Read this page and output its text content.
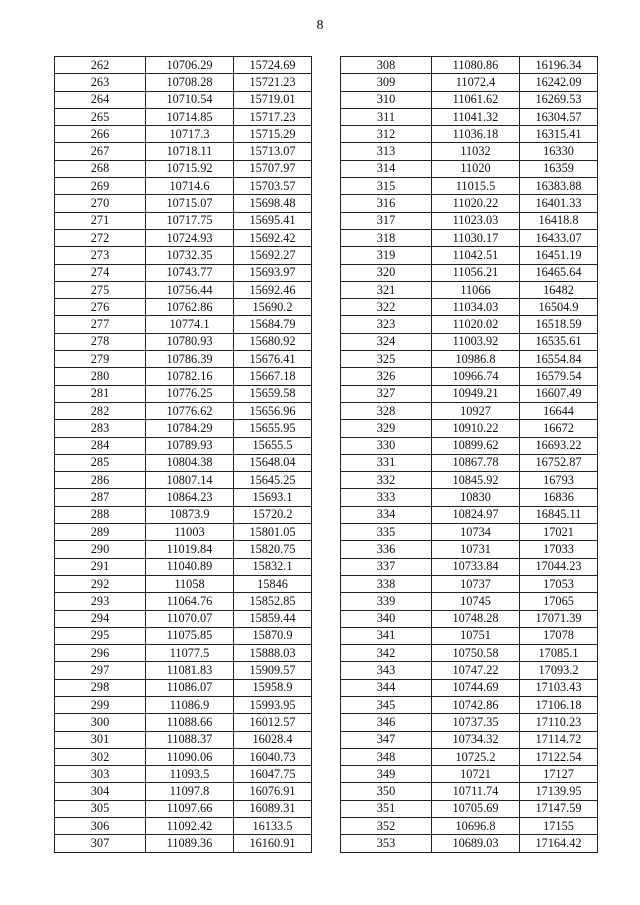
8
262	10706.29	15724.69
263	10708.28	15721.23
264	10710.54	15719.01
265	10714.85	15717.23
266	10717.3	15715.29
267	10718.11	15713.07
268	10715.92	15707.97
269	10714.6	15703.57
270	10715.07	15698.48
271	10717.75	15695.41
272	10724.93	15692.42
273	10732.35	15692.27
274	10743.77	15693.97
275	10756.44	15692.46
276	10762.86	15690.2
277	10774.1	15684.79
278	10780.93	15680.92
279	10786.39	15676.41
280	10782.16	15667.18
281	10776.25	15659.58
282	10776.62	15656.96
283	10784.29	15655.95
284	10789.93	15655.5
285	10804.38	15648.04
286	10807.14	15645.25
287	10864.23	15693.1
288	10873.9	15720.2
289	11003	15801.05
290	11019.84	15820.75
291	11040.89	15832.1
292	11058	15846
293	11064.76	15852.85
294	11070.07	15859.44
295	11075.85	15870.9
296	11077.5	15888.03
297	11081.83	15909.57
298	11086.07	15958.9
299	11086.9	15993.95
300	11088.66	16012.57
301	11088.37	16028.4
302	11090.06	16040.73
303	11093.5	16047.75
304	11097.8	16076.91
305	11097.66	16089.31
306	11092.42	16133.5
307	11089.36	16160.91
308	11080.86	16196.34
309	11072.4	16242.09
310	11061.62	16269.53
311	11041.32	16304.57
312	11036.18	16315.41
313	11032	16330
314	11020	16359
315	11015.5	16383.88
316	11020.22	16401.33
317	11023.03	16418.8
318	11030.17	16433.07
319	11042.51	16451.19
320	11056.21	16465.64
321	11066	16482
322	11034.03	16504.9
323	11020.02	16518.59
324	11003.92	16535.61
325	10986.8	16554.84
326	10966.74	16579.54
327	10949.21	16607.49
328	10927	16644
329	10910.22	16672
330	10899.62	16693.22
331	10867.78	16752.87
332	10845.92	16793
333	10830	16836
334	10824.97	16845.11
335	10734	17021
336	10731	17033
337	10733.84	17044.23
338	10737	17053
339	10745	17065
340	10748.28	17071.39
341	10751	17078
342	10750.58	17085.1
343	10747.22	17093.2
344	10744.69	17103.43
345	10742.86	17106.18
346	10737.35	17110.23
347	10734.32	17114.72
348	10725.2	17122.54
349	10721	17127
350	10711.74	17139.95
351	10705.69	17147.59
352	10696.8	17155
353	10689.03	17164.42
